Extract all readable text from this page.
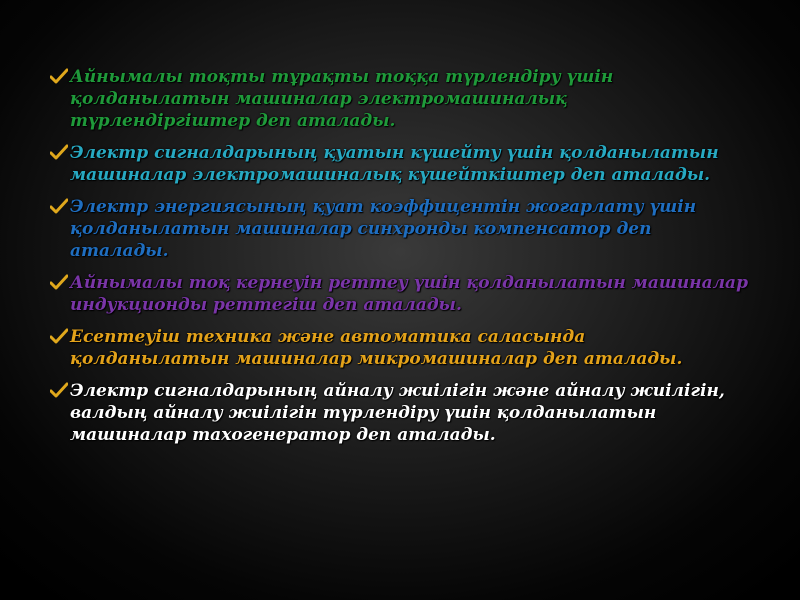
Айнымалы тоқты тұрақты тоққа түрлендіру үшін қолданылатын машиналар электромашиналық түрлендіргіштер деп аталады.
Электр сигналдарының қуатын күшейту үшін қолданылатын машиналар электромашиналық күшейткіштер деп аталады.
Электр энергиясының қуат коэффицентін жоғарлату үшін қолданылатын машиналар синхронды компенсатор деп аталады.
Айнымалы тоқ кернеуін реттеу үшін қолданылатын машиналар индукционды реттегіш деп аталады.
Есептеуіш техника және автоматика саласында қолданылатын машиналар микромашиналар деп аталады.
Электр сигналдарының айналу жиілігін және айналу жиілігін, валдың айналу жиілігін түрлендіру үшін қолданылатын машиналар тахогенератор деп аталады.
